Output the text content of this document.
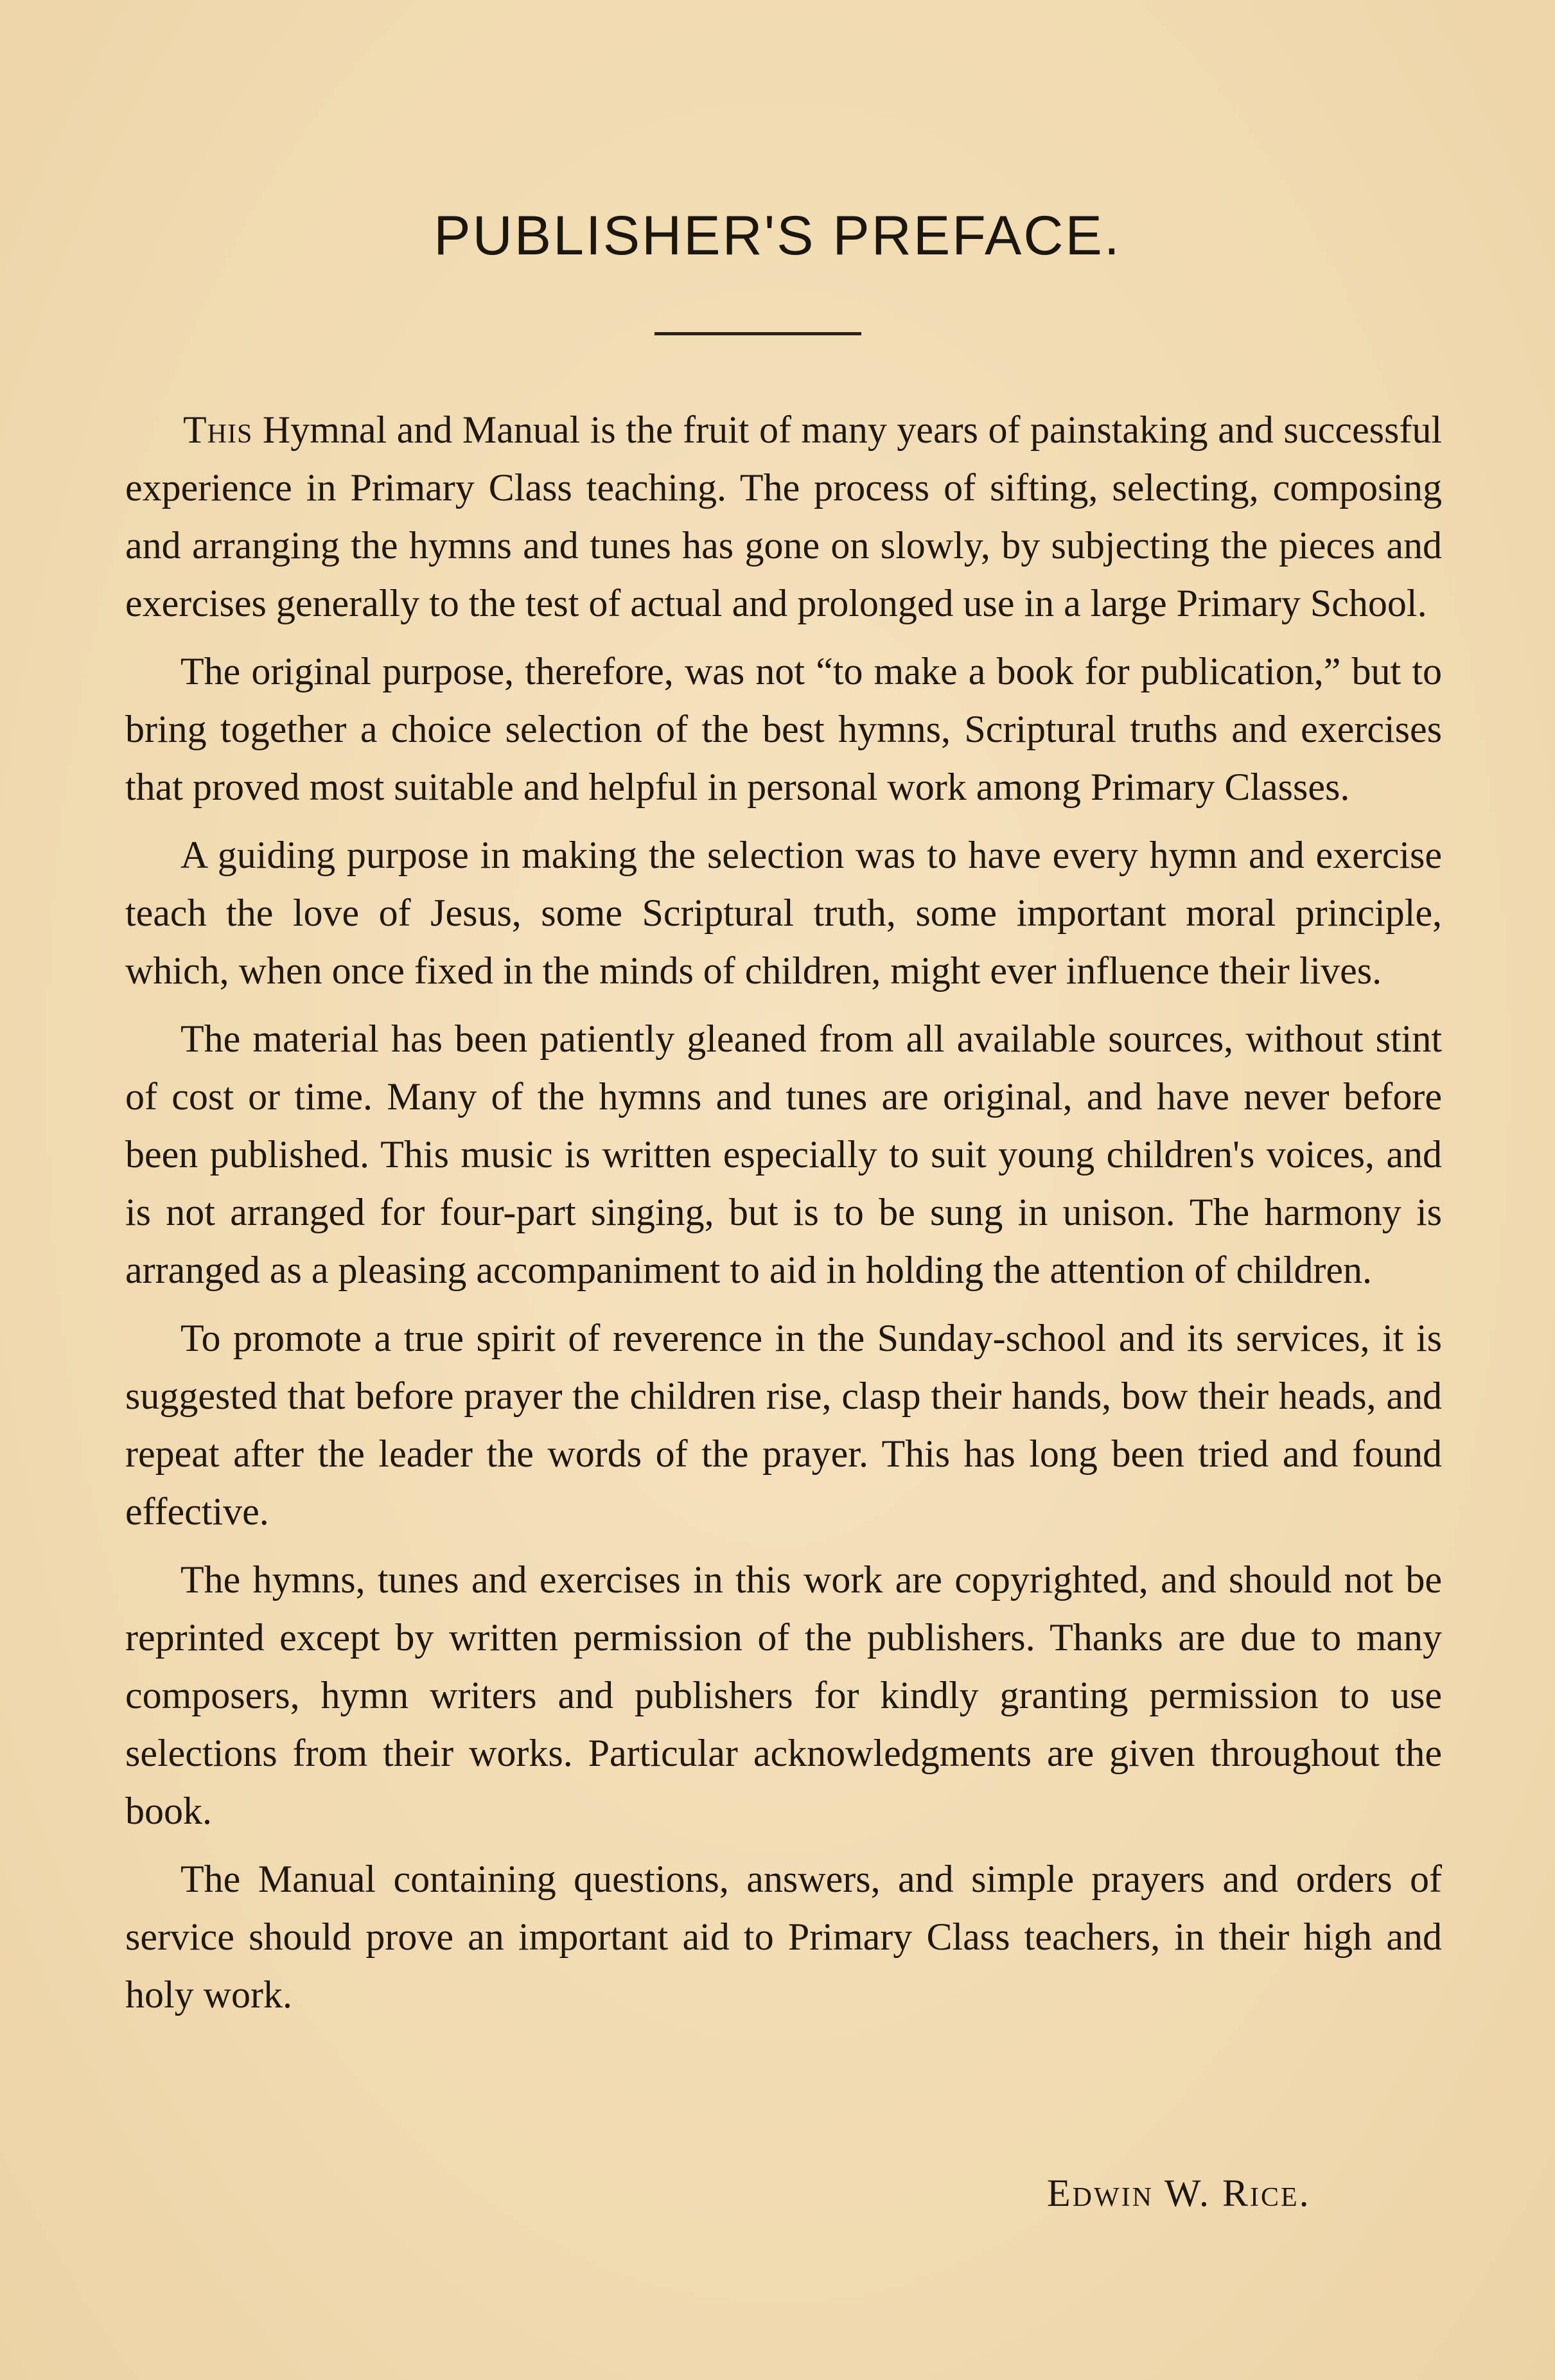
PUBLISHER'S PREFACE.

This Hymnal and Manual is the fruit of many years of painstaking and successful experience in Primary Class teaching. The process of sifting, selecting, composing and arranging the hymns and tunes has gone on slowly, by subjecting the pieces and exercises generally to the test of actual and prolonged use in a large Primary School.

The original purpose, therefore, was not “to make a book for publication,” but to bring together a choice selection of the best hymns, Scriptural truths and exercises that proved most suitable and helpful in personal work among Primary Classes.

A guiding purpose in making the selection was to have every hymn and exercise teach the love of Jesus, some Scriptural truth, some important moral principle, which, when once fixed in the minds of children, might ever influence their lives.

The material has been patiently gleaned from all available sources, without stint of cost or time. Many of the hymns and tunes are original, and have never before been published. This music is written especially to suit young children's voices, and is not arranged for four-part singing, but is to be sung in unison. The harmony is arranged as a pleasing accompaniment to aid in holding the attention of children.

To promote a true spirit of reverence in the Sunday-school and its services, it is suggested that before prayer the children rise, clasp their hands, bow their heads, and repeat after the leader the words of the prayer. This has long been tried and found effective.

The hymns, tunes and exercises in this work are copyrighted, and should not be reprinted except by written permission of the publishers. Thanks are due to many composers, hymn writers and publishers for kindly granting permission to use selections from their works. Particular acknowledgments are given throughout the book.

The Manual containing questions, answers, and simple prayers and orders of service should prove an important aid to Primary Class teachers, in their high and holy work.

Edwin W. Rice.
